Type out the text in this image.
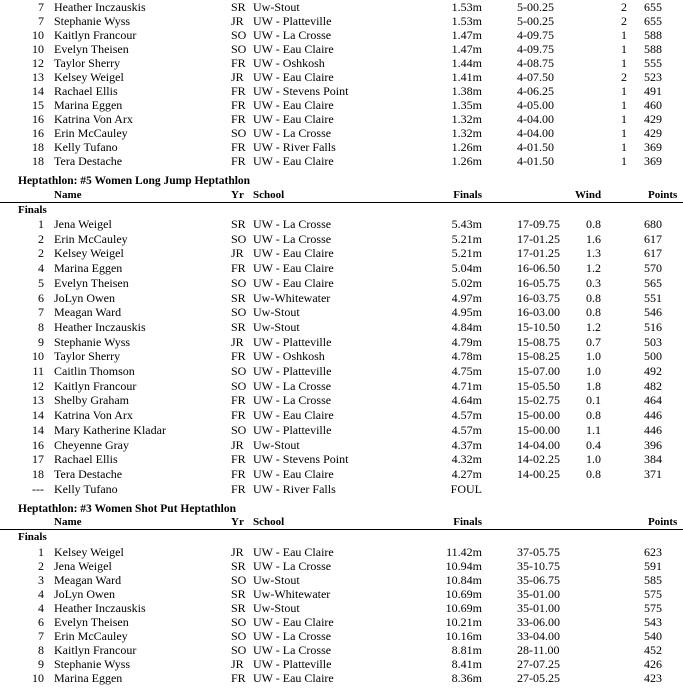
7 Heather Inczauskis	SR Uw-Stout	1.53m	5-00.25	2	655
7 Stephanie Wyss	JR UW - Platteville	1.53m	5-00.25	2	655
10 Kaitlyn Francour	SO UW - La Crosse	1.47m	4-09.75	1	588
10 Evelyn Theisen	SO UW - Eau Claire	1.47m	4-09.75	1	588
12 Taylor Sherry	FR UW - Oshkosh	1.44m	4-08.75	1	555
13 Kelsey Weigel	JR UW - Eau Claire	1.41m	4-07.50	2	523
14 Rachael Ellis	FR UW - Stevens Point	1.38m	4-06.25	1	491
15 Marina Eggen	FR UW - Eau Claire	1.35m	4-05.00	1	460
16 Katrina Von Arx	FR UW - Eau Claire	1.32m	4-04.00	1	429
16 Erin McCauley	SO UW - La Crosse	1.32m	4-04.00	1	429
18 Kelly Tufano	FR UW - River Falls	1.26m	4-01.50	1	369
18 Tera Destache	FR UW - Eau Claire	1.26m	4-01.50	1	369
Heptathlon: #5 Women Long Jump Heptathlon
Name	Yr School	Finals	Wind	Points
Finals
1 Jena Weigel	SR UW - La Crosse	5.43m	17-09.75 0.8	680
2 Erin McCauley	SO UW - La Crosse	5.21m	17-01.25 1.6	617
2 Kelsey Weigel	JR UW - Eau Claire	5.21m	17-01.25 1.3	617
4 Marina Eggen	FR UW - Eau Claire	5.04m	16-06.50 1.2	570
5 Evelyn Theisen	SO UW - Eau Claire	5.02m	16-05.75 0.3	565
6 JoLyn Owen	SR Uw-Whitewater	4.97m	16-03.75 0.8	551
7 Meagan Ward	SO Uw-Stout	4.95m	16-03.00 0.8	546
8 Heather Inczauskis	SR Uw-Stout	4.84m	15-10.50 1.2	516
9 Stephanie Wyss	JR UW - Platteville	4.79m	15-08.75 0.7	503
10 Taylor Sherry	FR UW - Oshkosh	4.78m	15-08.25 1.0	500
11 Caitlin Thomson	SO UW - Platteville	4.75m	15-07.00 1.0	492
12 Kaitlyn Francour	SO UW - La Crosse	4.71m	15-05.50 1.8	482
13 Shelby Graham	FR UW - La Crosse	4.64m	15-02.75 0.1	464
14 Katrina Von Arx	FR UW - Eau Claire	4.57m	15-00.00 0.8	446
14 Mary Katherine Kladar	SO UW - Platteville	4.57m	15-00.00 1.1	446
16 Cheyenne Gray	JR Uw-Stout	4.37m	14-04.00 0.4	396
17 Rachael Ellis	FR UW - Stevens Point	4.32m	14-02.25 1.0	384
18 Tera Destache	FR UW - Eau Claire	4.27m	14-00.25 0.8	371
--- Kelly Tufano	FR UW - River Falls	FOUL
Heptathlon: #3 Women Shot Put Heptathlon
Name	Yr School	Finals	Points
Finals
1 Kelsey Weigel	JR UW - Eau Claire	11.42m	37-05.75	623
2 Jena Weigel	SR UW - La Crosse	10.94m	35-10.75	591
3 Meagan Ward	SO Uw-Stout	10.84m	35-06.75	585
4 JoLyn Owen	SR Uw-Whitewater	10.69m	35-01.00	575
4 Heather Inczauskis	SR Uw-Stout	10.69m	35-01.00	575
6 Evelyn Theisen	SO UW - Eau Claire	10.21m	33-06.00	543
7 Erin McCauley	SO UW - La Crosse	10.16m	33-04.00	540
8 Kaitlyn Francour	SO UW - La Crosse	8.81m	28-11.00	452
9 Stephanie Wyss	JR UW - Platteville	8.41m	27-07.25	426
10 Marina Eggen	FR UW - Eau Claire	8.36m	27-05.25	423
